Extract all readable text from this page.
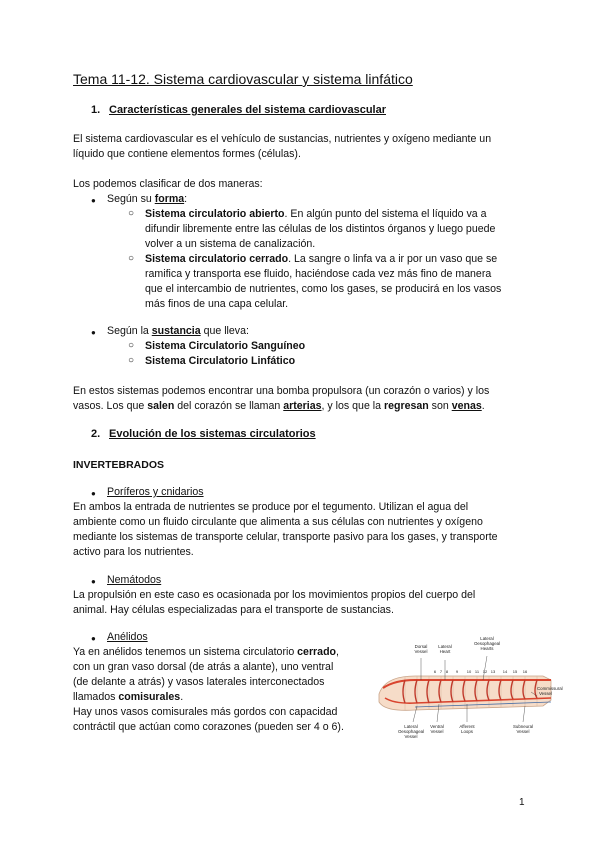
Tema 11-12. Sistema cardiovascular y sistema linfático
1. Características generales del sistema cardiovascular
El sistema cardiovascular es el vehículo de sustancias, nutrientes y oxígeno mediante un
líquido que contiene elementos formes (células).
Los podemos clasificar de dos maneras:
● Según su forma:
○ Sistema circulatorio abierto. En algún punto del sistema el líquido va a
difundir libremente entre las células de los distintos órganos y luego puede
volver a un sistema de canalización.
○ Sistema circulatorio cerrado. La sangre o linfa va a ir por un vaso que se
ramifica y transporta ese fluido, haciéndose cada vez más fino de manera
que el intercambio de nutrientes, como los gases, se producirá en los vasos
más finos de una capa celular.
● Según la sustancia que lleva:
○ Sistema Circulatorio Sanguíneo
○ Sistema Circulatorio Linfático
En estos sistemas podemos encontrar una bomba propulsora (un corazón o varios) y los
vasos. Los que salen del corazón se llaman arterias, y los que la regresan son venas.
2. Evolución de los sistemas circulatorios
INVERTEBRADOS
● Poríferos y cnidarios
En ambos la entrada de nutrientes se produce por el tegumento. Utilizan el agua del
ambiente como un fluido circulante que alimenta a sus células con nutrientes y oxígeno
mediante los sistemas de transporte celular, transporte pasivo para los gases, y transporte
activo para los nutrientes.
● Nemátodos
La propulsión en este caso es ocasionada por los movimientos propios del cuerpo del
animal. Hay células especializadas para el transporte de sustancias.
● Anélidos
Ya en anélidos tenemos un sistema circulatorio cerrado,
con un gran vaso dorsal (de atrás a alante), uno ventral
(de delante a atrás) y vasos laterales interconectados
llamados comisurales.
Hay unos vasos comisurales más gordos con capacidad
contráctil que actúan como corazones (pueden ser 4 o 6).
Dorsal Vessel
Lateral Heart
Lateral Oesophageal Hearts
6 7 8 9 10 11 12 13 14 15 16
Commissural Vessel
Lateral Oesophageal Vessel
Ventral Vessel
Afferent Loops
Subneural Vessel
1
